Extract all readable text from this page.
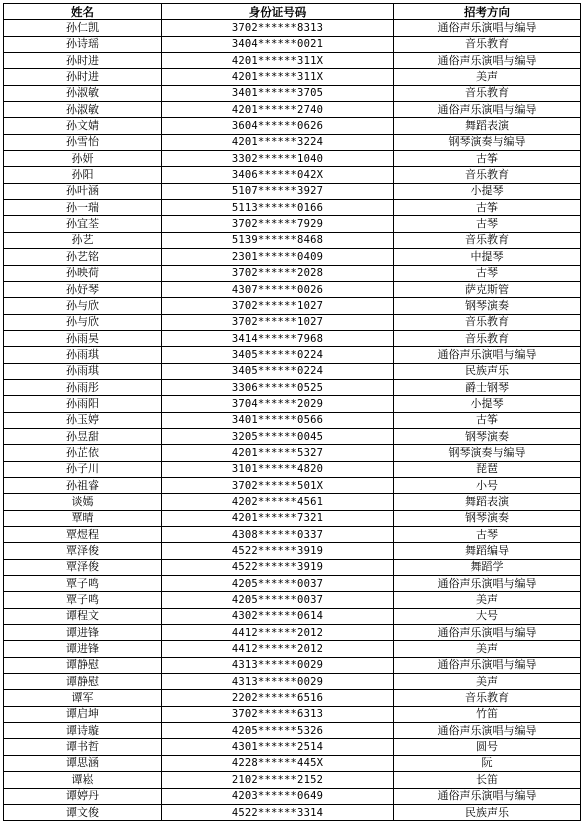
姓名	身份证号码	招考方向
孙仁凯	3702******8313	通俗声乐演唱与编导
孙诗瑶	3404******0021	音乐教育
孙时进	4201******311X	通俗声乐演唱与编导
孙时进	4201******311X	美声
孙淑敏	3401******3705	音乐教育
孙淑敏	4201******2740	通俗声乐演唱与编导
孙文婧	3604******0626	舞蹈表演
孙雪怡	4201******3224	钢琴演奏与编导
孙妍	3302******1040	古筝
孙阳	3406******042X	音乐教育
孙叶涵	5107******3927	小提琴
孙一瑞	5113******0166	古筝
孙宜荃	3702******7929	古琴
孙艺	5139******8468	音乐教育
孙艺铭	2301******0409	中提琴
孙映荷	3702******2028	古琴
孙妤琴	4307******0026	萨克斯管
孙与欣	3702******1027	钢琴演奏
孙与欣	3702******1027	音乐教育
孙雨昊	3414******7968	音乐教育
孙雨琪	3405******0224	通俗声乐演唱与编导
孙雨琪	3405******0224	民族声乐
孙雨彤	3306******0525	爵士钢琴
孙雨阳	3704******2029	小提琴
孙玉婷	3401******0566	古筝
孙昱甜	3205******0045	钢琴演奏
孙芷依	4201******5327	钢琴演奏与编导
孙子川	3101******4820	琵琶
孙祖睿	3702******501X	小号
谈嫣	4202******4561	舞蹈表演
覃晴	4201******7321	钢琴演奏
覃煜程	4308******0337	古琴
覃泽俊	4522******3919	舞蹈编导
覃泽俊	4522******3919	舞蹈学
覃子鸣	4205******0037	通俗声乐演唱与编导
覃子鸣	4205******0037	美声
谭程文	4302******0614	大号
谭进锋	4412******2012	通俗声乐演唱与编导
谭进锋	4412******2012	美声
谭静慰	4313******0029	通俗声乐演唱与编导
谭静慰	4313******0029	美声
谭军	2202******6516	音乐教育
谭启坤	3702******6313	竹笛
谭诗璇	4205******5326	通俗声乐演唱与编导
谭书哲	4301******2514	圆号
谭思涵	4228******445X	阮
谭崧	2102******2152	长笛
谭婷丹	4203******0649	通俗声乐演唱与编导
谭文俊	4522******3314	民族声乐
